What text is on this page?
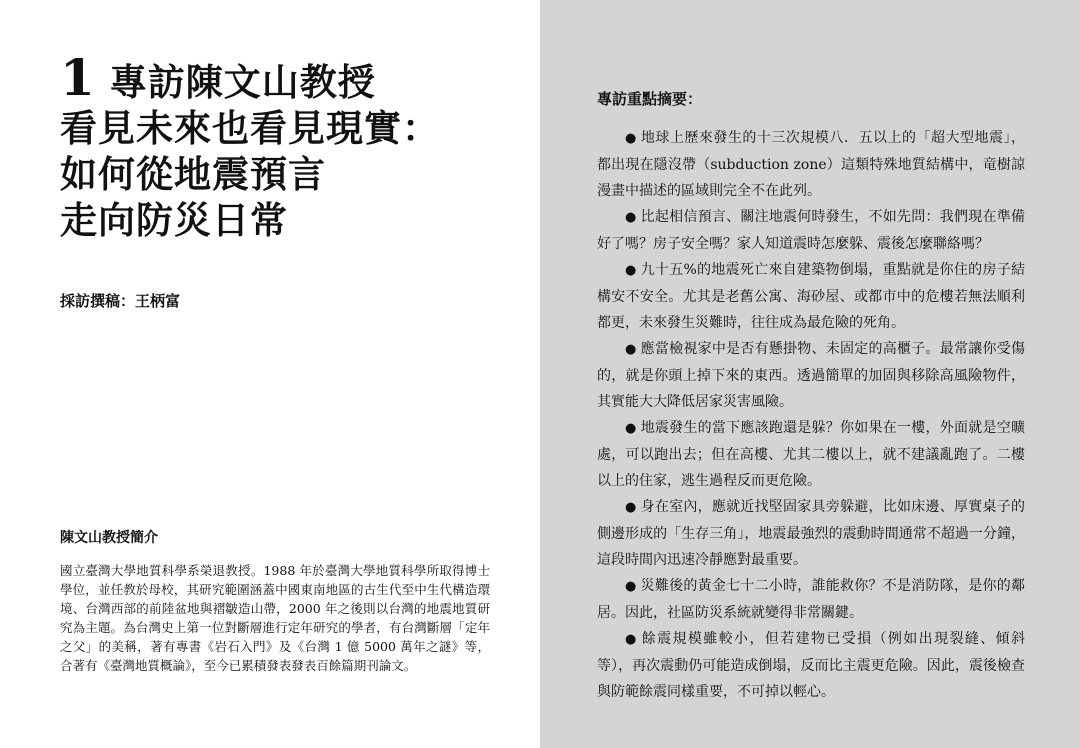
1 專訪陳文山教授
看見未來也看見現實：
如何從地震預言
走向防災日常
採訪撰稿：王柄富
陳文山教授簡介
國立臺灣大學地質科學系榮退教授。1988 年於臺灣大學地質科學所取得博士學位，並任教於母校，其研究範圍涵蓋中國東南地區的古生代至中生代構造環境、台灣西部的前陸盆地與褶皺造山帶，2000 年之後則以台灣的地震地質研究為主題。為台灣史上第一位對斷層進行定年研究的學者，有台灣斷層「定年之父」的美稱，著有專書《岩石入門》及《台灣 1 億 5000 萬年之謎》等，合著有《臺灣地質概論》，至今已累積發表發表百餘篇期刊論文。
專訪重點摘要：
● 地球上歷來發生的十三次規模八．五以上的「超大型地震」，都出現在隱沒帶（subduction zone）這類特殊地質結構中，竜樹諒漫畫中描述的區域則完全不在此列。
● 比起相信預言、關注地震何時發生，不如先問：我們現在準備好了嗎？房子安全嗎？家人知道震時怎麼躲、震後怎麼聯絡嗎？
● 九十五%的地震死亡來自建築物倒塌，重點就是你住的房子結構安不安全。尤其是老舊公寓、海砂屋、或都市中的危樓若無法順利都更，未來發生災難時，往往成為最危險的死角。
● 應當檢視家中是否有懸掛物、未固定的高櫃子。最常讓你受傷的，就是你頭上掉下來的東西。透過簡單的加固與移除高風險物件，其實能大大降低居家災害風險。
● 地震發生的當下應該跑還是躲？你如果在一樓，外面就是空曠處，可以跑出去；但在高樓、尤其二樓以上，就不建議亂跑了。二樓以上的住家，逃生過程反而更危險。
● 身在室內，應就近找堅固家具旁躲避，比如床邊、厚實桌子的側邊形成的「生存三角」，地震最強烈的震動時間通常不超過一分鐘，這段時間內迅速冷靜應對最重要。
● 災難後的黃金七十二小時，誰能救你？不是消防隊，是你的鄰居。因此，社區防災系統就變得非常關鍵。
● 餘震規模雖較小，但若建物已受損（例如出現裂縫、傾斜等），再次震動仍可能造成倒塌，反而比主震更危險。因此，震後檢查與防範餘震同樣重要，不可掉以輕心。
